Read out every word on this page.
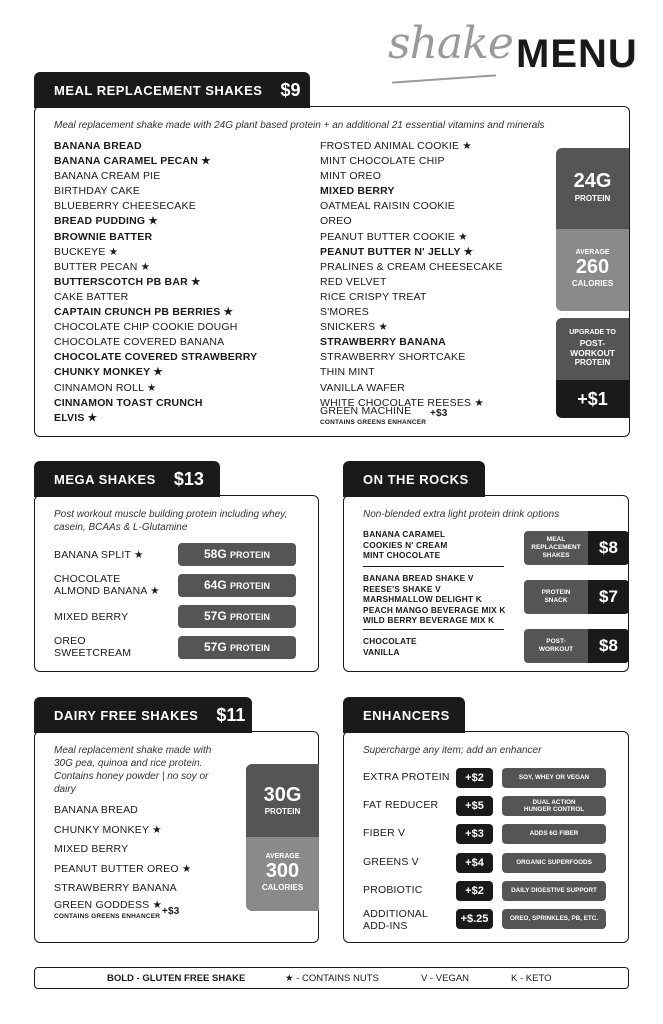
shake MENU
MEAL REPLACEMENT SHAKES $9
Meal replacement shake made with 24G plant based protein + an additional 21 essential vitamins and minerals
BANANA BREAD
BANANA CARAMEL PECAN ★
BANANA CREAM PIE
BIRTHDAY CAKE
BLUEBERRY CHEESECAKE
BREAD PUDDING ★
BROWNIE BATTER
BUCKEYE ★
BUTTER PECAN ★
BUTTERSCOTCH PB BAR ★
CAKE BATTER
CAPTAIN CRUNCH PB BERRIES ★
CHOCOLATE CHIP COOKIE DOUGH
CHOCOLATE COVERED BANANA
CHOCOLATE COVERED STRAWBERRY
CHUNKY MONKEY ★
CINNAMON ROLL ★
CINNAMON TOAST CRUNCH
ELVIS ★
FROSTED ANIMAL COOKIE ★
MINT CHOCOLATE CHIP
MINT OREO
MIXED BERRY
OATMEAL RAISIN COOKIE
OREO
PEANUT BUTTER COOKIE ★
PEANUT BUTTER N' JELLY ★
PRALINES & CREAM CHEESECAKE
RED VELVET
RICE CRISPY TREAT
S'MORES
SNICKERS ★
STRAWBERRY BANANA
STRAWBERRY SHORTCAKE
THIN MINT
VANILLA WAFER
WHITE CHOCOLATE REESES ★
GREEN MACHINE +$3
CONTAINS GREENS ENHANCER
24G
PROTEIN
AVERAGE
260
CALORIES
UPGRADE TO
POST-
WORKOUT
PROTEIN
+$1
MEGA SHAKES $13
Post workout muscle building protein including whey, casein, BCAAs & L-Glutamine
BANANA SPLIT ★	58G PROTEIN
CHOCOLATE
ALMOND BANANA ★	64G PROTEIN
MIXED BERRY	57G PROTEIN
OREO
SWEETCREAM	57G PROTEIN
ON THE ROCKS
Non-blended extra light protein drink options
BANANA CARAMEL
COOKIES N' CREAM
MINT CHOCOLATE
MEAL
REPLACEMENT
SHAKES	$8
BANANA BREAD SHAKE V
REESE'S SHAKE V
MARSHMALLOW DELIGHT K
PEACH MANGO BEVERAGE MIX K
WILD BERRY BEVERAGE MIX K
PROTEIN
SNACK	$7
CHOCOLATE
VANILLA
POST-
WORKOUT	$8
DAIRY FREE SHAKES $11
Meal replacement shake made with 30G pea, quinoa and rice protein. Contains honey powder | no soy or dairy
BANANA BREAD
CHUNKY MONKEY ★
MIXED BERRY
PEANUT BUTTER OREO ★
STRAWBERRY BANANA
GREEN GODDESS ★
+$3
CONTAINS GREENS ENHANCER
30G
PROTEIN
AVERAGE
300
CALORIES
ENHANCERS
Supercharge any item; add an enhancer
EXTRA PROTEIN	+$2	SOY, WHEY OR VEGAN
FAT REDUCER	+$5	DUAL ACTION
HUNGER CONTROL
FIBER V	+$3	ADDS 6G FIBER
GREENS V	+$4	ORGANIC SUPERFOODS
PROBIOTIC	+$2	DAILY DIGESTIVE SUPPORT
ADDITIONAL
ADD-INS
+$.25	OREO, SPRINKLES, PB, ETC.
BOLD - GLUTEN FREE SHAKE	★ - CONTAINS NUTS	V - VEGAN	K - KETO
